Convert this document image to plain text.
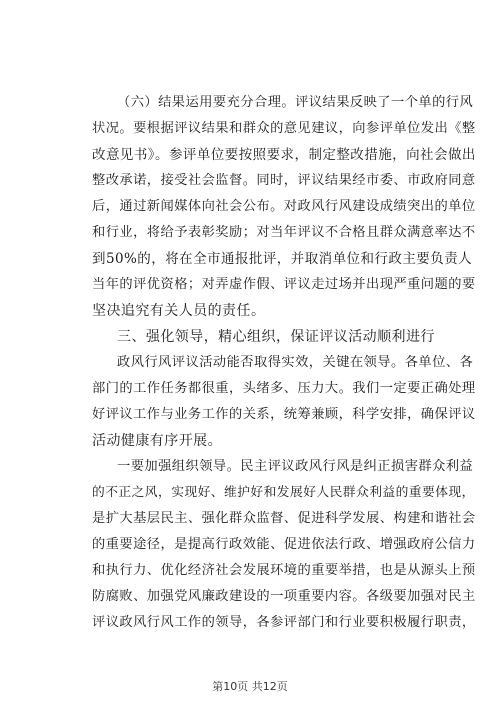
（六）结果运用要充分合理。评议结果反映了一个单的行风
状况。要根据评议结果和群众的意见建议，向参评单位发出《整
改意见书》。参评单位要按照要求，制定整改措施，向社会做出
整改承诺，接受社会监督。同时，评议结果经市委、市政府同意
后，通过新闻媒体向社会公布。对政风行风建设成绩突出的单位
和行业，将给予表彰奖励；对当年评议不合格且群众满意率达不
到50%的，将在全市通报批评，并取消单位和行政主要负责人
当年的评优资格；对弄虚作假、评议走过场并出现严重问题的要
坚决追究有关人员的责任。
三、强化领导，精心组织，保证评议活动顺利进行
政风行风评议活动能否取得实效，关键在领导。各单位、各
部门的工作任务都很重，头绪多、压力大。我们一定要正确处理
好评议工作与业务工作的关系，统筹兼顾，科学安排，确保评议
活动健康有序开展。
一要加强组织领导。民主评议政风行风是纠正损害群众利益
的不正之风，实现好、维护好和发展好人民群众利益的重要体现，
是扩大基层民主、强化群众监督、促进科学发展、构建和谐社会
的重要途径，是提高行政效能、促进依法行政、增强政府公信力
和执行力、优化经济社会发展环境的重要举措，也是从源头上预
防腐败、加强党风廉政建设的一项重要内容。各级要加强对民主
评议政风行风工作的领导，各参评部门和行业要积极履行职责，
第10页 共12页
